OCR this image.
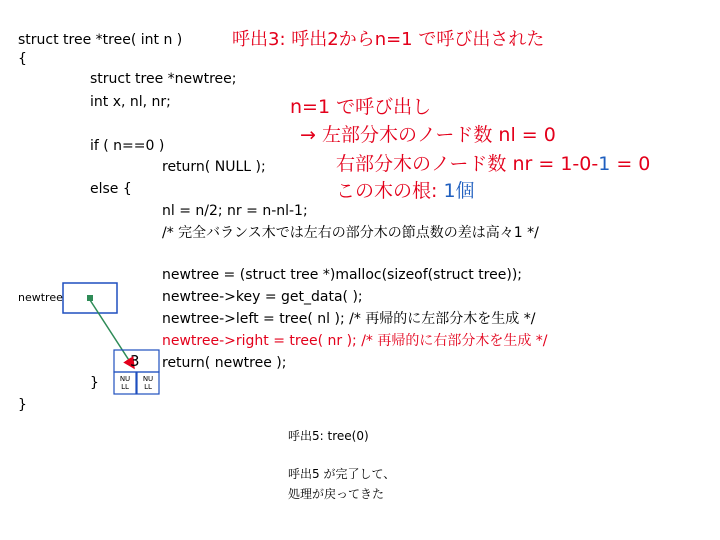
struct tree *tree( int n )
{
struct tree *newtree;
int x, nl, nr;
if ( n==0 )
return( NULL );
else {
nl = n/2; nr = n-nl-1;
/* 完全バランス木では左右の部分木の節点数の差は高々1 */
newtree = (struct tree *)malloc(sizeof(struct tree));
newtree->key = get_data( );
newtree->left = tree( nl ); /* 再帰的に左部分木を生成 */
newtree->right = tree( nr ); /* 再帰的に右部分木を生成 */
return( newtree );
}
}
呼出3: 呼出2からn=1 で呼び出された
n=1 で呼び出し
→ 左部分木のノード数 nl = 0
右部分木のノード数 nr = 1-0-1 = 0
この木の根: 1個
newtree
3
NU LL
NU LL
呼出5: tree(0)
呼出5 が完了して、
処理が戻ってきた
